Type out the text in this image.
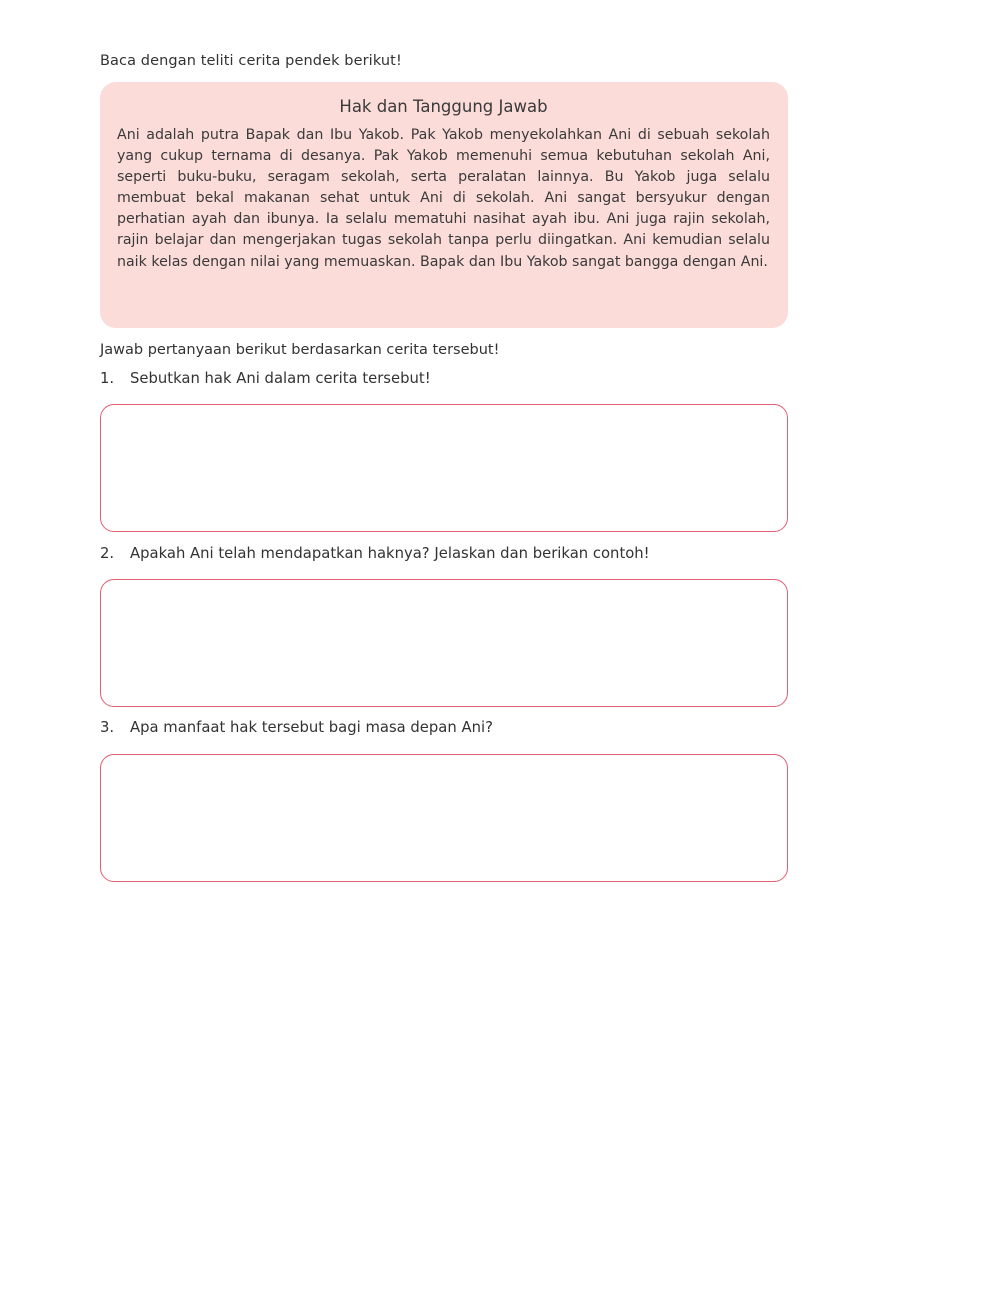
Baca dengan teliti cerita pendek berikut!
Hak dan Tanggung Jawab

Ani adalah putra Bapak dan Ibu Yakob. Pak Yakob menyekolahkan Ani di sebuah sekolah yang cukup ternama di desanya. Pak Yakob memenuhi semua kebutuhan sekolah Ani, seperti buku-buku, seragam sekolah, serta peralatan lainnya. Bu Yakob juga selalu membuat bekal makanan sehat untuk Ani di sekolah. Ani sangat bersyukur dengan perhatian ayah dan ibunya. Ia selalu mematuhi nasihat ayah ibu. Ani juga rajin sekolah, rajin belajar dan mengerjakan tugas sekolah tanpa perlu diingatkan. Ani kemudian selalu naik kelas dengan nilai yang memuaskan. Bapak dan Ibu Yakob sangat bangga dengan Ani.

Jawab pertanyaan berikut berdasarkan cerita tersebut!
1.	Sebutkan hak Ani dalam cerita tersebut!
2.	Apakah Ani telah mendapatkan haknya? Jelaskan dan berikan contoh!
3.	Apa manfaat hak tersebut bagi masa depan Ani?
